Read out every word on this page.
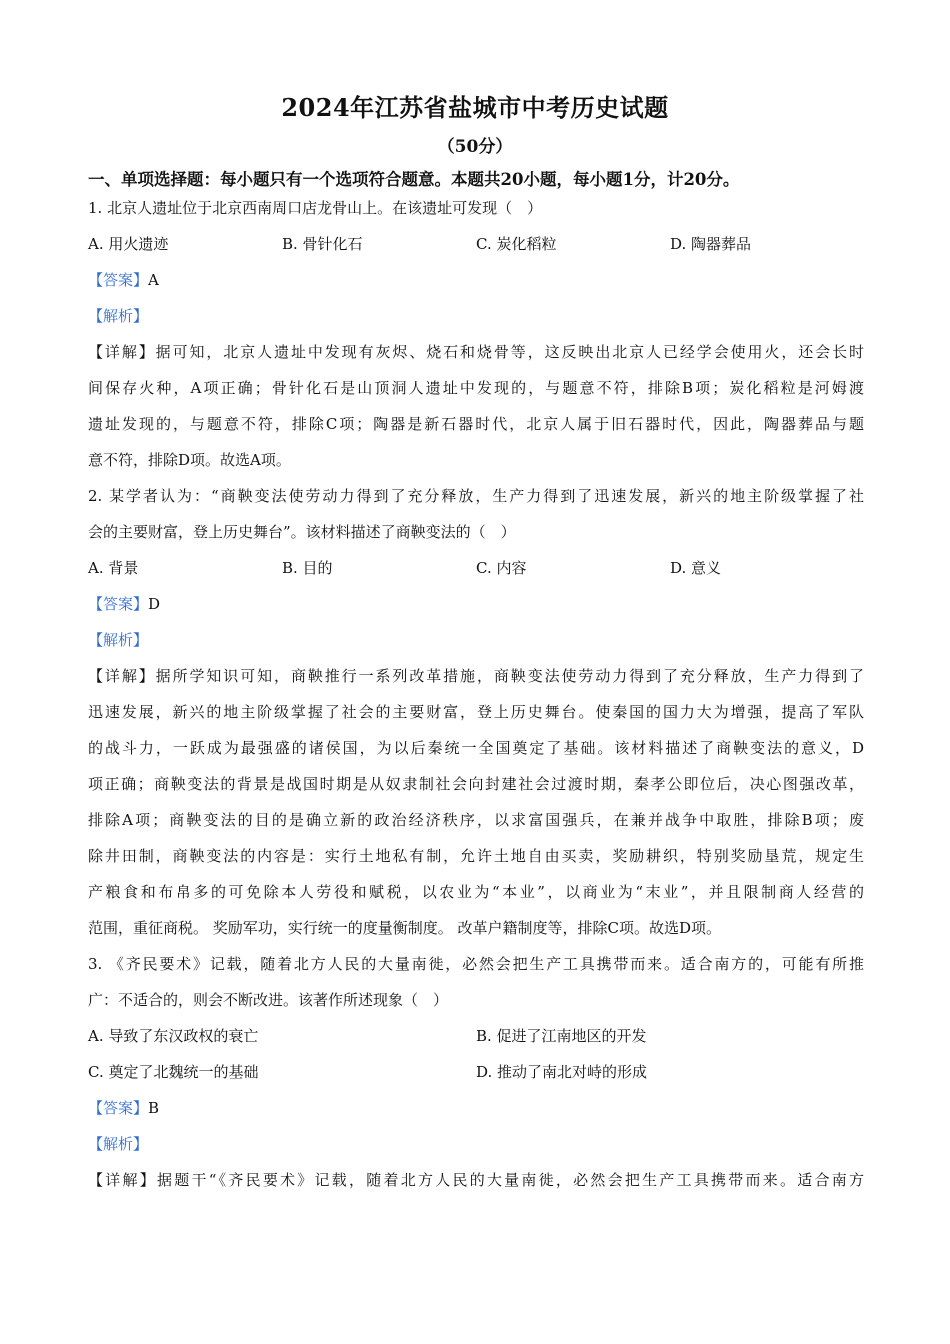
2024年江苏省盐城市中考历史试题
（50分）
一、单项选择题：每小题只有一个选项符合题意。本题共20小题，每小题1分，计20分。
1. 北京人遗址位于北京西南周口店龙骨山上。在该遗址可发现（　）
A. 用火遗迹	B. 骨针化石	C. 炭化稻粒	D. 陶器葬品
【答案】A
【解析】
【详解】据可知，北京人遗址中发现有灰烬、烧石和烧骨等，这反映出北京人已经学会使用火，还会长时
间保存火种，A项正确；骨针化石是山顶洞人遗址中发现的，与题意不符，排除B项；炭化稻粒是河姆渡
遗址发现的，与题意不符，排除C项；陶器是新石器时代，北京人属于旧石器时代，因此，陶器葬品与题
意不符，排除D项。故选A项。
2. 某学者认为：“商鞅变法使劳动力得到了充分释放，生产力得到了迅速发展，新兴的地主阶级掌握了社
会的主要财富，登上历史舞台”。该材料描述了商鞅变法的（　）
A. 背景	B. 目的	C. 内容	D. 意义
【答案】D
【解析】
【详解】据所学知识可知，商鞅推行一系列改革措施，商鞅变法使劳动力得到了充分释放，生产力得到了
迅速发展，新兴的地主阶级掌握了社会的主要财富，登上历史舞台。使秦国的国力大为增强，提高了军队
的战斗力，一跃成为最强盛的诸侯国，为以后秦统一全国奠定了基础。该材料描述了商鞅变法的意义，D
项正确；商鞅变法的背景是战国时期是从奴隶制社会向封建社会过渡时期，秦孝公即位后，决心图强改革，
排除A项；商鞅变法的目的是确立新的政治经济秩序，以求富国强兵，在兼并战争中取胜，排除B项；废
除井田制，商鞅变法的内容是：实行土地私有制，允许土地自由买卖，奖励耕织，特别奖励垦荒，规定生
产粮食和布帛多的可免除本人劳役和赋税，以农业为“本业”，以商业为“末业”，并且限制商人经营的
范围，重征商税。 奖励军功，实行统一的度量衡制度。 改革户籍制度等，排除C项。故选D项。
3. 《齐民要术》记载，随着北方人民的大量南徙，必然会把生产工具携带而来。适合南方的，可能有所推
广：不适合的，则会不断改进。该著作所述现象（　）
A. 导致了东汉政权的衰亡	B. 促进了江南地区的开发
C. 奠定了北魏统一的基础	D. 推动了南北对峙的形成
【答案】B
【解析】
【详解】据题干“《齐民要术》记载，随着北方人民的大量南徙，必然会把生产工具携带而来。适合南方
